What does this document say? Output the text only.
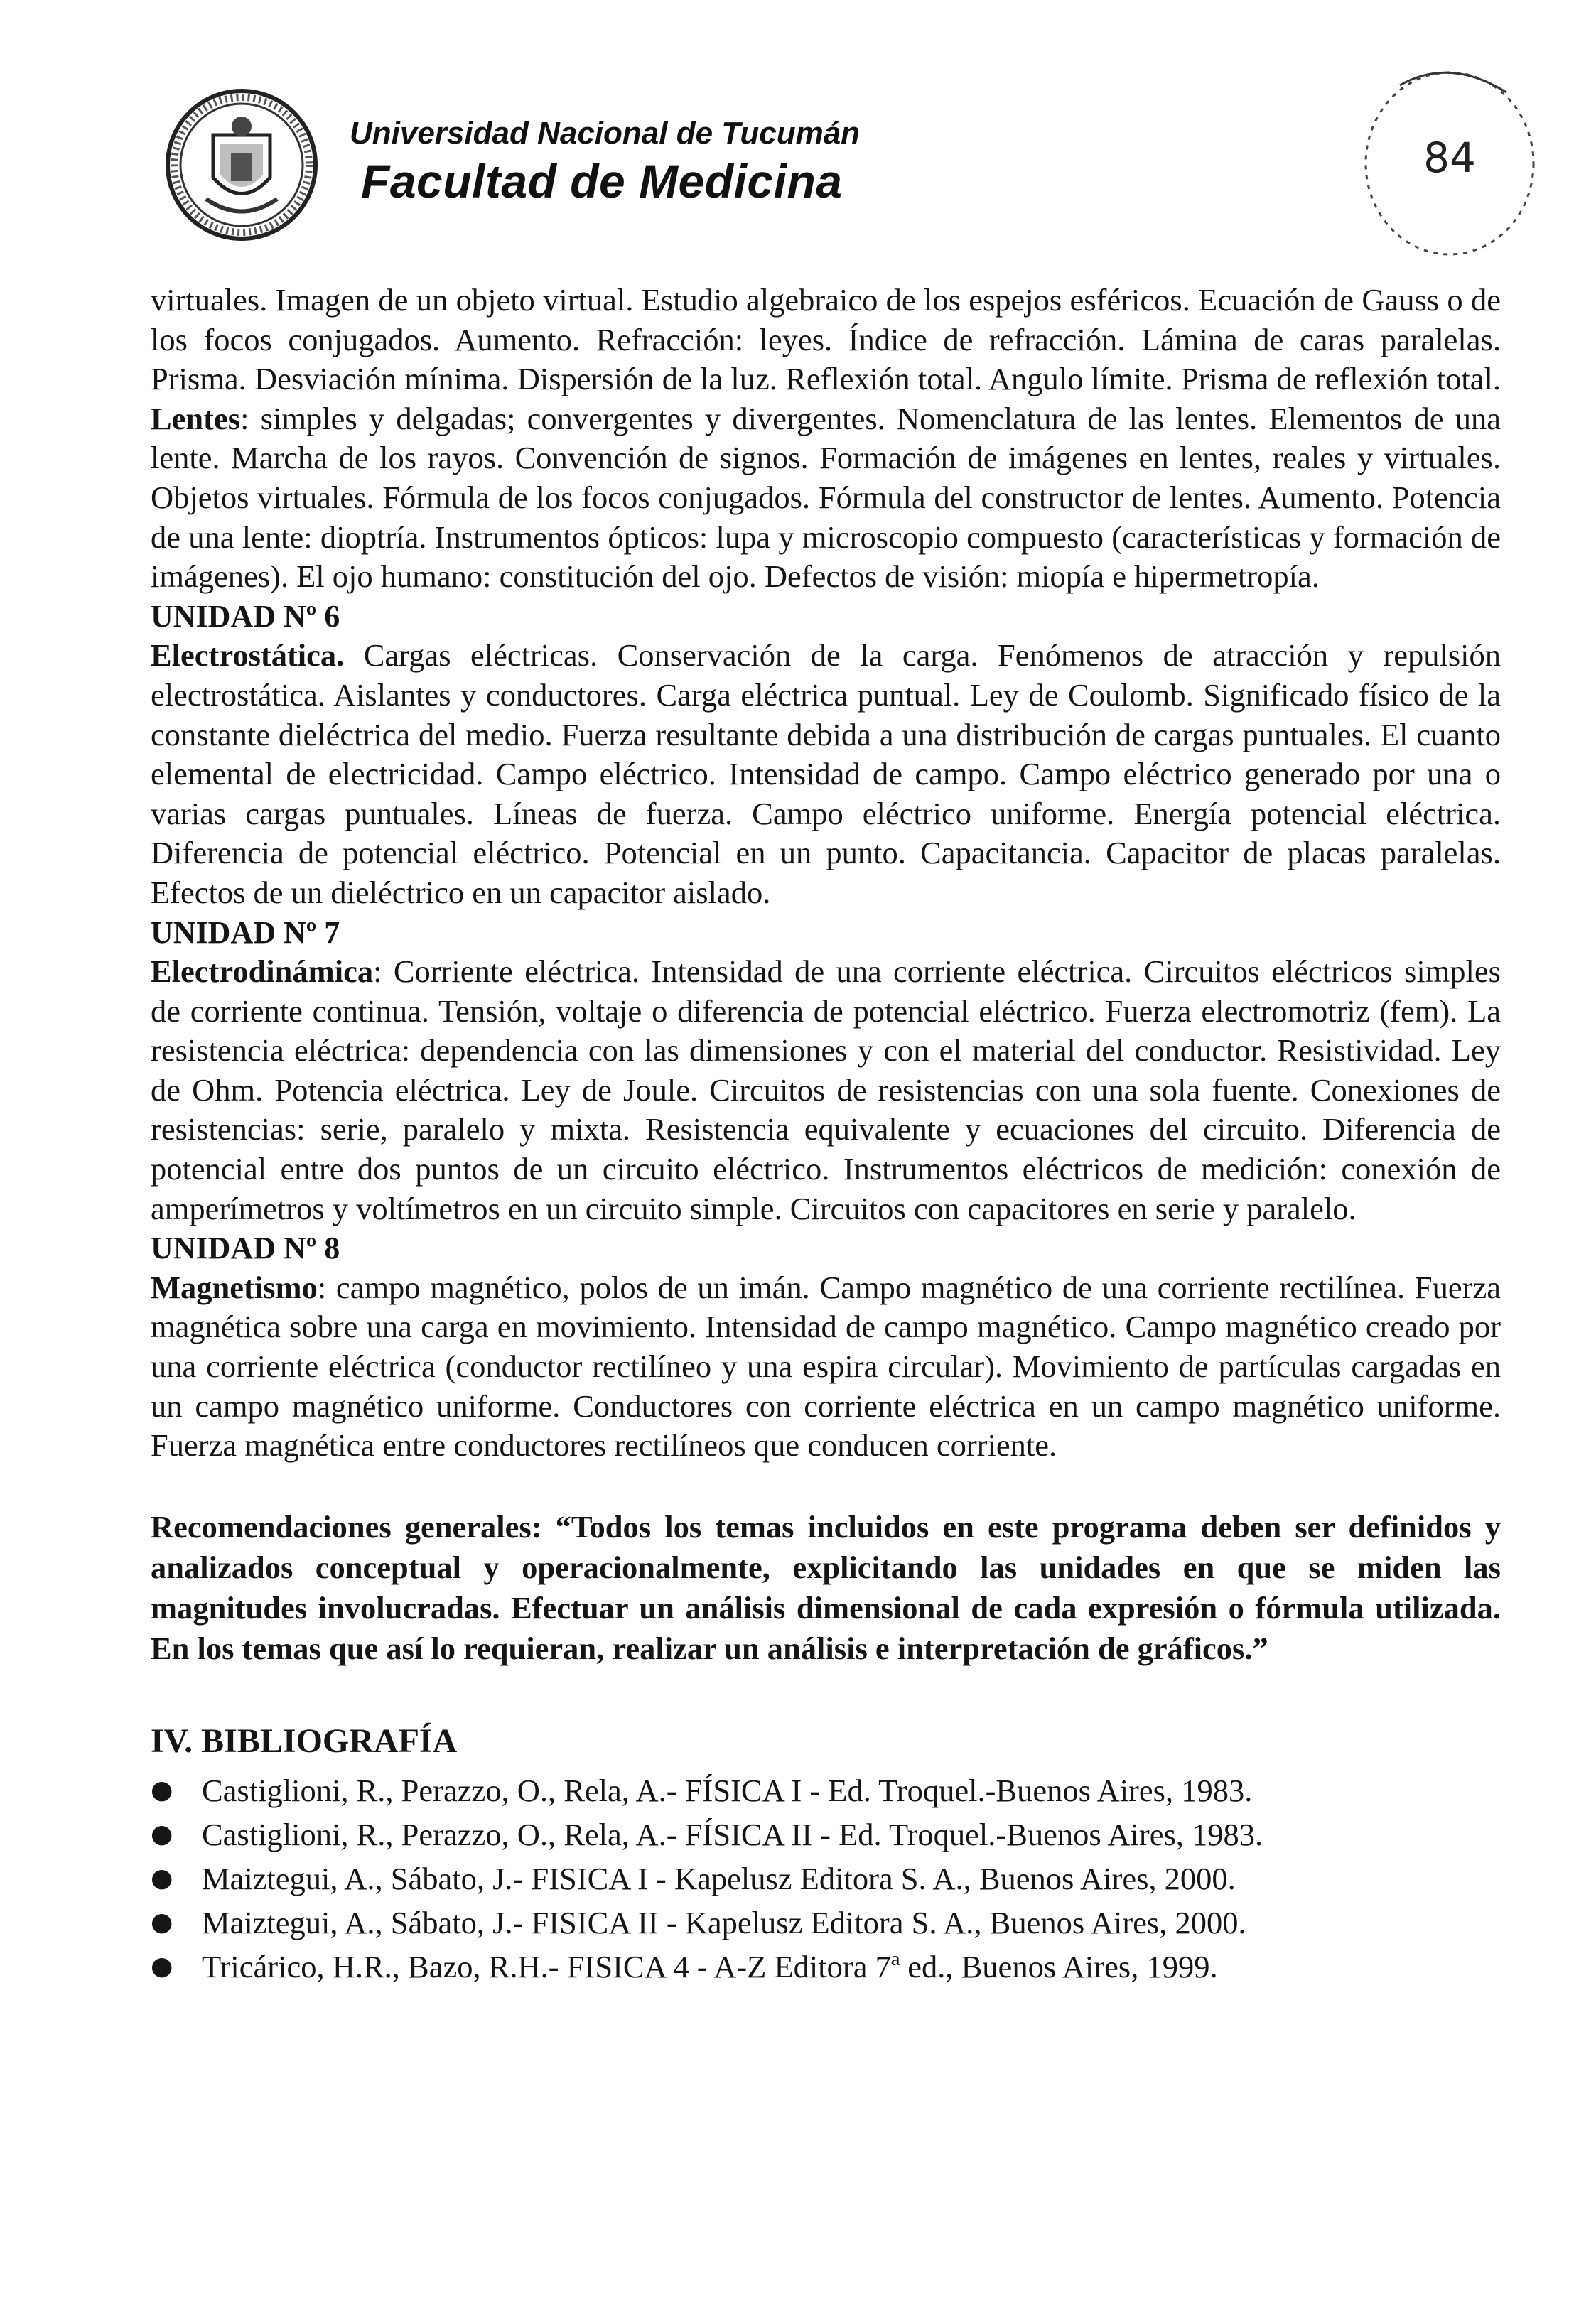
Universidad Nacional de Tucumán
Facultad de Medicina	84

virtuales. Imagen de un objeto virtual. Estudio algebraico de los espejos esféricos. Ecuación de Gauss o de los focos conjugados. Aumento. Refracción: leyes. Índice de refracción. Lámina de caras paralelas. Prisma. Desviación mínima. Dispersión de la luz. Reflexión total. Angulo límite. Prisma de reflexión total. Lentes: simples y delgadas; convergentes y divergentes. Nomenclatura de las lentes. Elementos de una lente. Marcha de los rayos. Convención de signos. Formación de imágenes en lentes, reales y virtuales. Objetos virtuales. Fórmula de los focos conjugados. Fórmula del constructor de lentes. Aumento. Potencia de una lente: dioptría. Instrumentos ópticos: lupa y microscopio compuesto (características y formación de imágenes). El ojo humano: constitución del ojo. Defectos de visión: miopía e hipermetropía.

UNIDAD Nº 6

Electrostática. Cargas eléctricas. Conservación de la carga. Fenómenos de atracción y repulsión electrostática. Aislantes y conductores. Carga eléctrica puntual. Ley de Coulomb. Significado físico de la constante dieléctrica del medio. Fuerza resultante debida a una distribución de cargas puntuales. El cuanto elemental de electricidad. Campo eléctrico. Intensidad de campo. Campo eléctrico generado por una o varias cargas puntuales. Líneas de fuerza. Campo eléctrico uniforme. Energía potencial eléctrica. Diferencia de potencial eléctrico. Potencial en un punto. Capacitancia. Capacitor de placas paralelas. Efectos de un dieléctrico en un capacitor aislado.

UNIDAD Nº 7

Electrodinámica: Corriente eléctrica. Intensidad de una corriente eléctrica. Circuitos eléctricos simples de corriente continua. Tensión, voltaje o diferencia de potencial eléctrico. Fuerza electromotriz (fem). La resistencia eléctrica: dependencia con las dimensiones y con el material del conductor. Resistividad. Ley de Ohm. Potencia eléctrica. Ley de Joule. Circuitos de resistencias con una sola fuente. Conexiones de resistencias: serie, paralelo y mixta. Resistencia equivalente y ecuaciones del circuito. Diferencia de potencial entre dos puntos de un circuito eléctrico. Instrumentos eléctricos de medición: conexión de amperímetros y voltímetros en un circuito simple. Circuitos con capacitores en serie y paralelo.

UNIDAD Nº 8

Magnetismo: campo magnético, polos de un imán. Campo magnético de una corriente rectilínea. Fuerza magnética sobre una carga en movimiento. Intensidad de campo magnético. Campo magnético creado por una corriente eléctrica (conductor rectilíneo y una espira circular). Movimiento de partículas cargadas en un campo magnético uniforme. Conductores con corriente eléctrica en un campo magnético uniforme. Fuerza magnética entre conductores rectilíneos que conducen corriente.

Recomendaciones generales: “Todos los temas incluidos en este programa deben ser definidos y analizados conceptual y operacionalmente, explicitando las unidades en que se miden las magnitudes involucradas. Efectuar un análisis dimensional de cada expresión o fórmula utilizada. En los temas que así lo requieran, realizar un análisis e interpretación de gráficos.”

IV. BIBLIOGRAFÍA

● Castiglioni, R., Perazzo, O., Rela, A.- FÍSICA I - Ed. Troquel.-Buenos Aires, 1983.
● Castiglioni, R., Perazzo, O., Rela, A.- FÍSICA II - Ed. Troquel.-Buenos Aires, 1983.
● Maiztegui, A., Sábato, J.- FISICA I - Kapelusz Editora S. A., Buenos Aires, 2000.
● Maiztegui, A., Sábato, J.- FISICA II - Kapelusz Editora S. A., Buenos Aires, 2000.
● Tricárico, H.R., Bazo, R.H.- FISICA 4 - A-Z Editora 7ª ed., Buenos Aires, 1999.
